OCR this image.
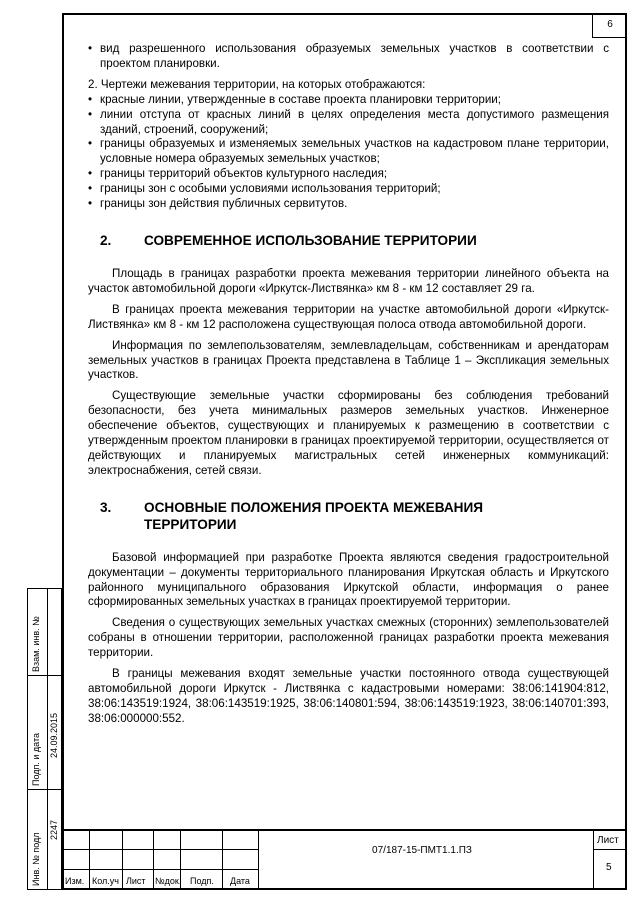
6

• вид разрешенного использования образуемых земельных участков в соответствии с проектом планировки.

2. Чертежи межевания территории, на которых отображаются:

• красные линии, утвержденные в составе проекта планировки территории;

• линии отступа от красных линий в целях определения места допустимого размещения зданий, строений, сооружений;

• границы образуемых и изменяемых земельных участков на кадастровом плане территории, условные номера образуемых земельных участков;

• границы территорий объектов культурного наследия;

• границы зон с особыми условиями использования территорий;

• границы зон действия публичных сервитутов.

2. СОВРЕМЕННОЕ ИСПОЛЬЗОВАНИЕ ТЕРРИТОРИИ

Площадь в границах разработки проекта межевания территории линейного объекта на участок автомобильной дороги «Иркутск-Листвянка» км 8 - км 12 составляет 29 га.

В границах проекта межевания территории на участке автомобильной дороги «Иркутск-Листвянка» км 8 - км 12 расположена существующая полоса отвода автомобильной дороги.

Информация по землепользователям, землевладельцам, собственникам и арендаторам земельных участков в границах Проекта представлена в Таблице 1 – Экспликация земельных участков.

Существующие земельные участки сформированы без соблюдения требований безопасности, без учета минимальных размеров земельных участков. Инженерное обеспечение объектов, существующих и планируемых к размещению в соответствии с утвержденным проектом планировки в границах проектируемой территории, осуществляется от действующих и планируемых магистральных сетей инженерных коммуникаций: электроснабжения, сетей связи.

3. ОСНОВНЫЕ ПОЛОЖЕНИЯ ПРОЕКТА МЕЖЕВАНИЯ
ТЕРРИТОРИИ

Базовой информацией при разработке Проекта являются сведения градостроительной документации – документы территориального планирования Иркутская область и Иркутского районного муниципального образования Иркутской области, информация о ранее сформированных земельных участках в границах проектируемой территории.

Сведения о существующих земельных участках смежных (сторонних) землепользователей собраны в отношении территории, расположенной границах разработки проекта межевания территории.

В границы межевания входят земельные участки постоянного отвода существующей автомобильной дороги Иркутск - Листвянка с кадастровыми номерами: 38:06:141904:812, 38:06:143519:1924, 38:06:143519:1925, 38:06:140801:594, 38:06:143519:1923, 38:06:140701:393, 38:06:000000:552.

Взам. инв. №
Подп. и дата 24.09.2015
Инв. № подл
2247
Изм. Кол.уч Лист №док. Подп. Дата
07/187-15-ПМТ1.1.ПЗ
Лист
5
